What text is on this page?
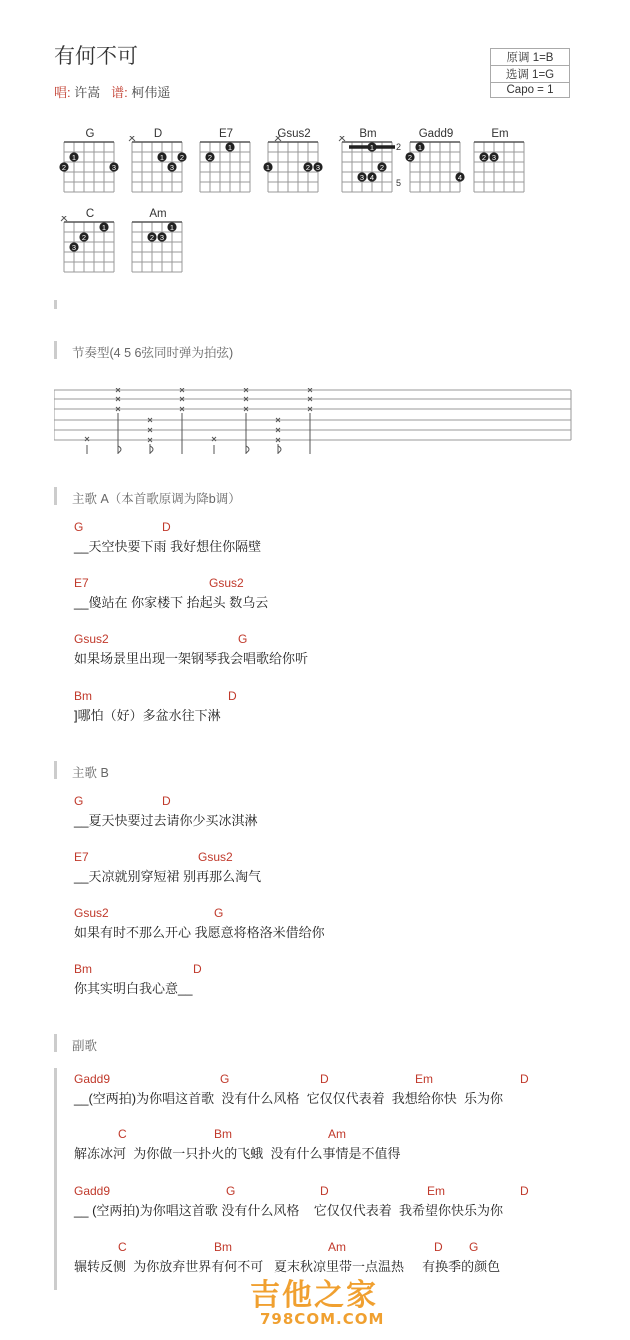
有何不可
唱: 许嵩 谱: 柯伟遥
原调 1=B
选调 1=G
Capo = 1
G
1
2	3
D
1 2
3
E7
1
2
Gsus2
1	2 3
Bm
1
2
3 4
2
5
Gadd9
1
2
4
Em
2 3
C
1
2
3
Am
1
2 3
节奏型(4 5 6弦同时弹为拍弦)
主歌 A（本首歌原调为降b调）
主歌 B
副歌
G	D
__天空快要下雨 我好想住你隔壁
E7	Gsus2
__傻站在 你家楼下 抬起头 数乌云
Gsus2	G
如果场景里出现一架钢琴我会唱歌给你听
Bm	D
]哪怕（好）多盆水往下淋
G	D
__夏天快要过去请你少买冰淇淋
E7	Gsus2
__天凉就别穿短裙 别再那么淘气
Gsus2	G
如果有时不那么开心 我愿意将格洛米借给你
Bm	D
你其实明白我心意__
Gadd9	G	D	Em	D
__(空两拍)为你唱这首歌  没有什么风格  它仅仅代表着  我想给你快  乐为你
C	Bm	Am
解冻冰河  为你做一只扑火的飞蛾  没有什么事情是不值得
Gadd9	G	D	Em	D
__ (空两拍)为你唱这首歌 没有什么风格    它仅仅代表着  我希望你快乐为你
C	Bm	Am	D G
辗转反侧  为你放弃世界有何不可   夏末秋凉里带一点温热     有换季的颜色
吉他之家
798COM.COM
